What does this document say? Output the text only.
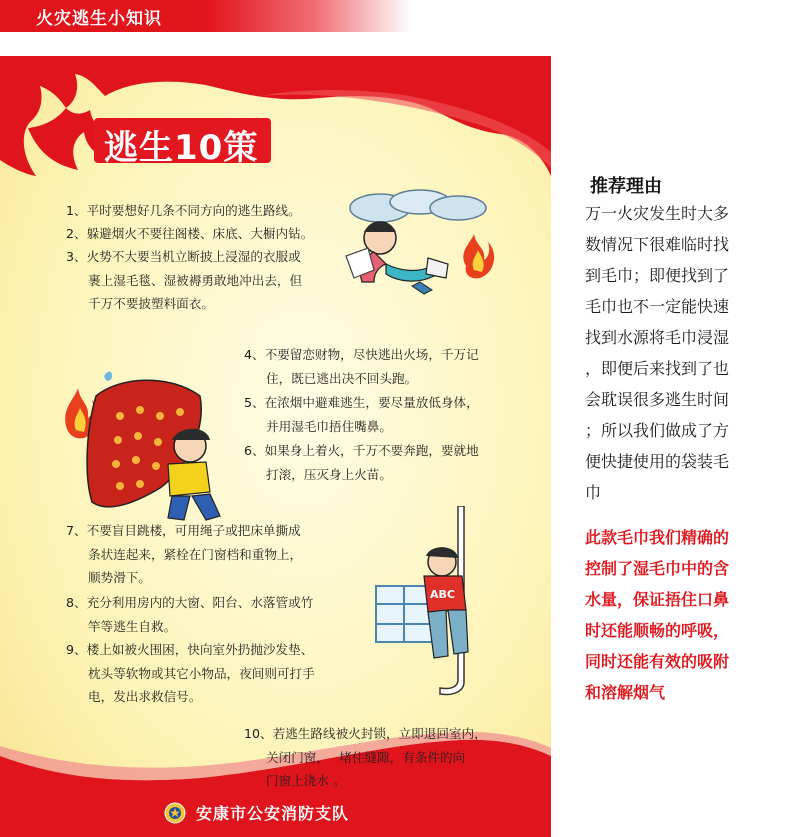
火灾逃生小知识
逃生10策
1、平时要想好几条不同方向的逃生路线。
2、躲避烟火不要往阁楼、床底、大橱内钻。
3、火势不大要当机立断披上浸湿的衣服或
裹上湿毛毯、湿被褥勇敢地冲出去，但
千万不要披塑料面衣。
4、不要留恋财物，尽快逃出火场，千万记
住，既已逃出决不回头跑。
5、在浓烟中避难逃生，要尽量放低身体，
并用湿毛巾捂住嘴鼻。
6、如果身上着火，千万不要奔跑，要就地
打滚，压灭身上火苗。
7、不要盲目跳楼，可用绳子或把床单撕成
条状连起来，紧栓在门窗档和重物上，
顺势滑下。
8、充分利用房内的大窗、阳台、水落管或竹
竿等逃生自救。
9、楼上如被火围困，快向室外扔抛沙发垫、
枕头等软物或其它小物品，夜间则可打手
电，发出求救信号。
10、若逃生路线被火封锁，立即退回室内，
关闭门窗，　 堵住缝隙，有条件的向
门窗上浇水 。
ABC
安康市公安消防支队
推荐理由
万一火灾发生时大多
数情况下很难临时找
到毛巾；即便找到了
毛巾也不一定能快速
找到水源将毛巾浸湿
，即便后来找到了也
会耽误很多逃生时间
；所以我们做成了方
便快捷使用的袋装毛
巾
此款毛巾我们精确的
控制了湿毛巾中的含
水量，保证捂住口鼻
时还能顺畅的呼吸，
同时还能有效的吸附
和溶解烟气
